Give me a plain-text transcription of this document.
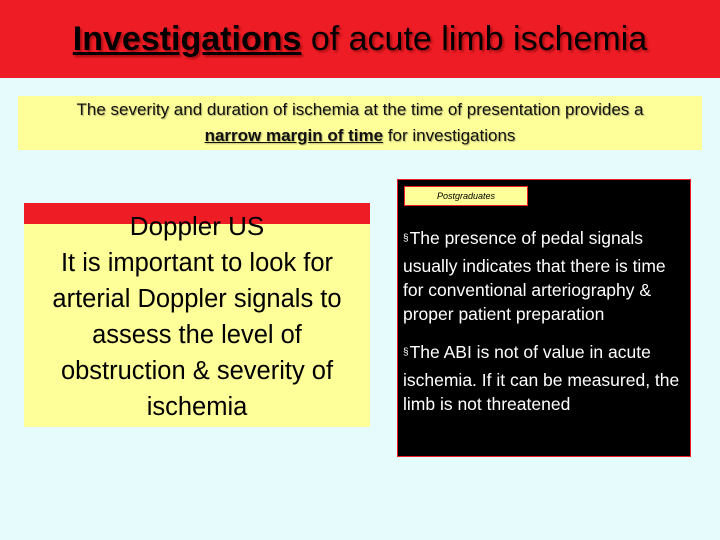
Investigations of acute limb ischemia
The severity and duration of ischemia at the time of presentation provides a
narrow margin of time for investigations
Doppler US
It is important to look for arterial Doppler signals to assess the level of obstruction & severity of ischemia
Postgraduates
§The presence of pedal signals usually indicates that there is time for conventional arteriography & proper patient preparation
§The ABI is not of value in acute ischemia. If it can be measured, the limb is not threatened
